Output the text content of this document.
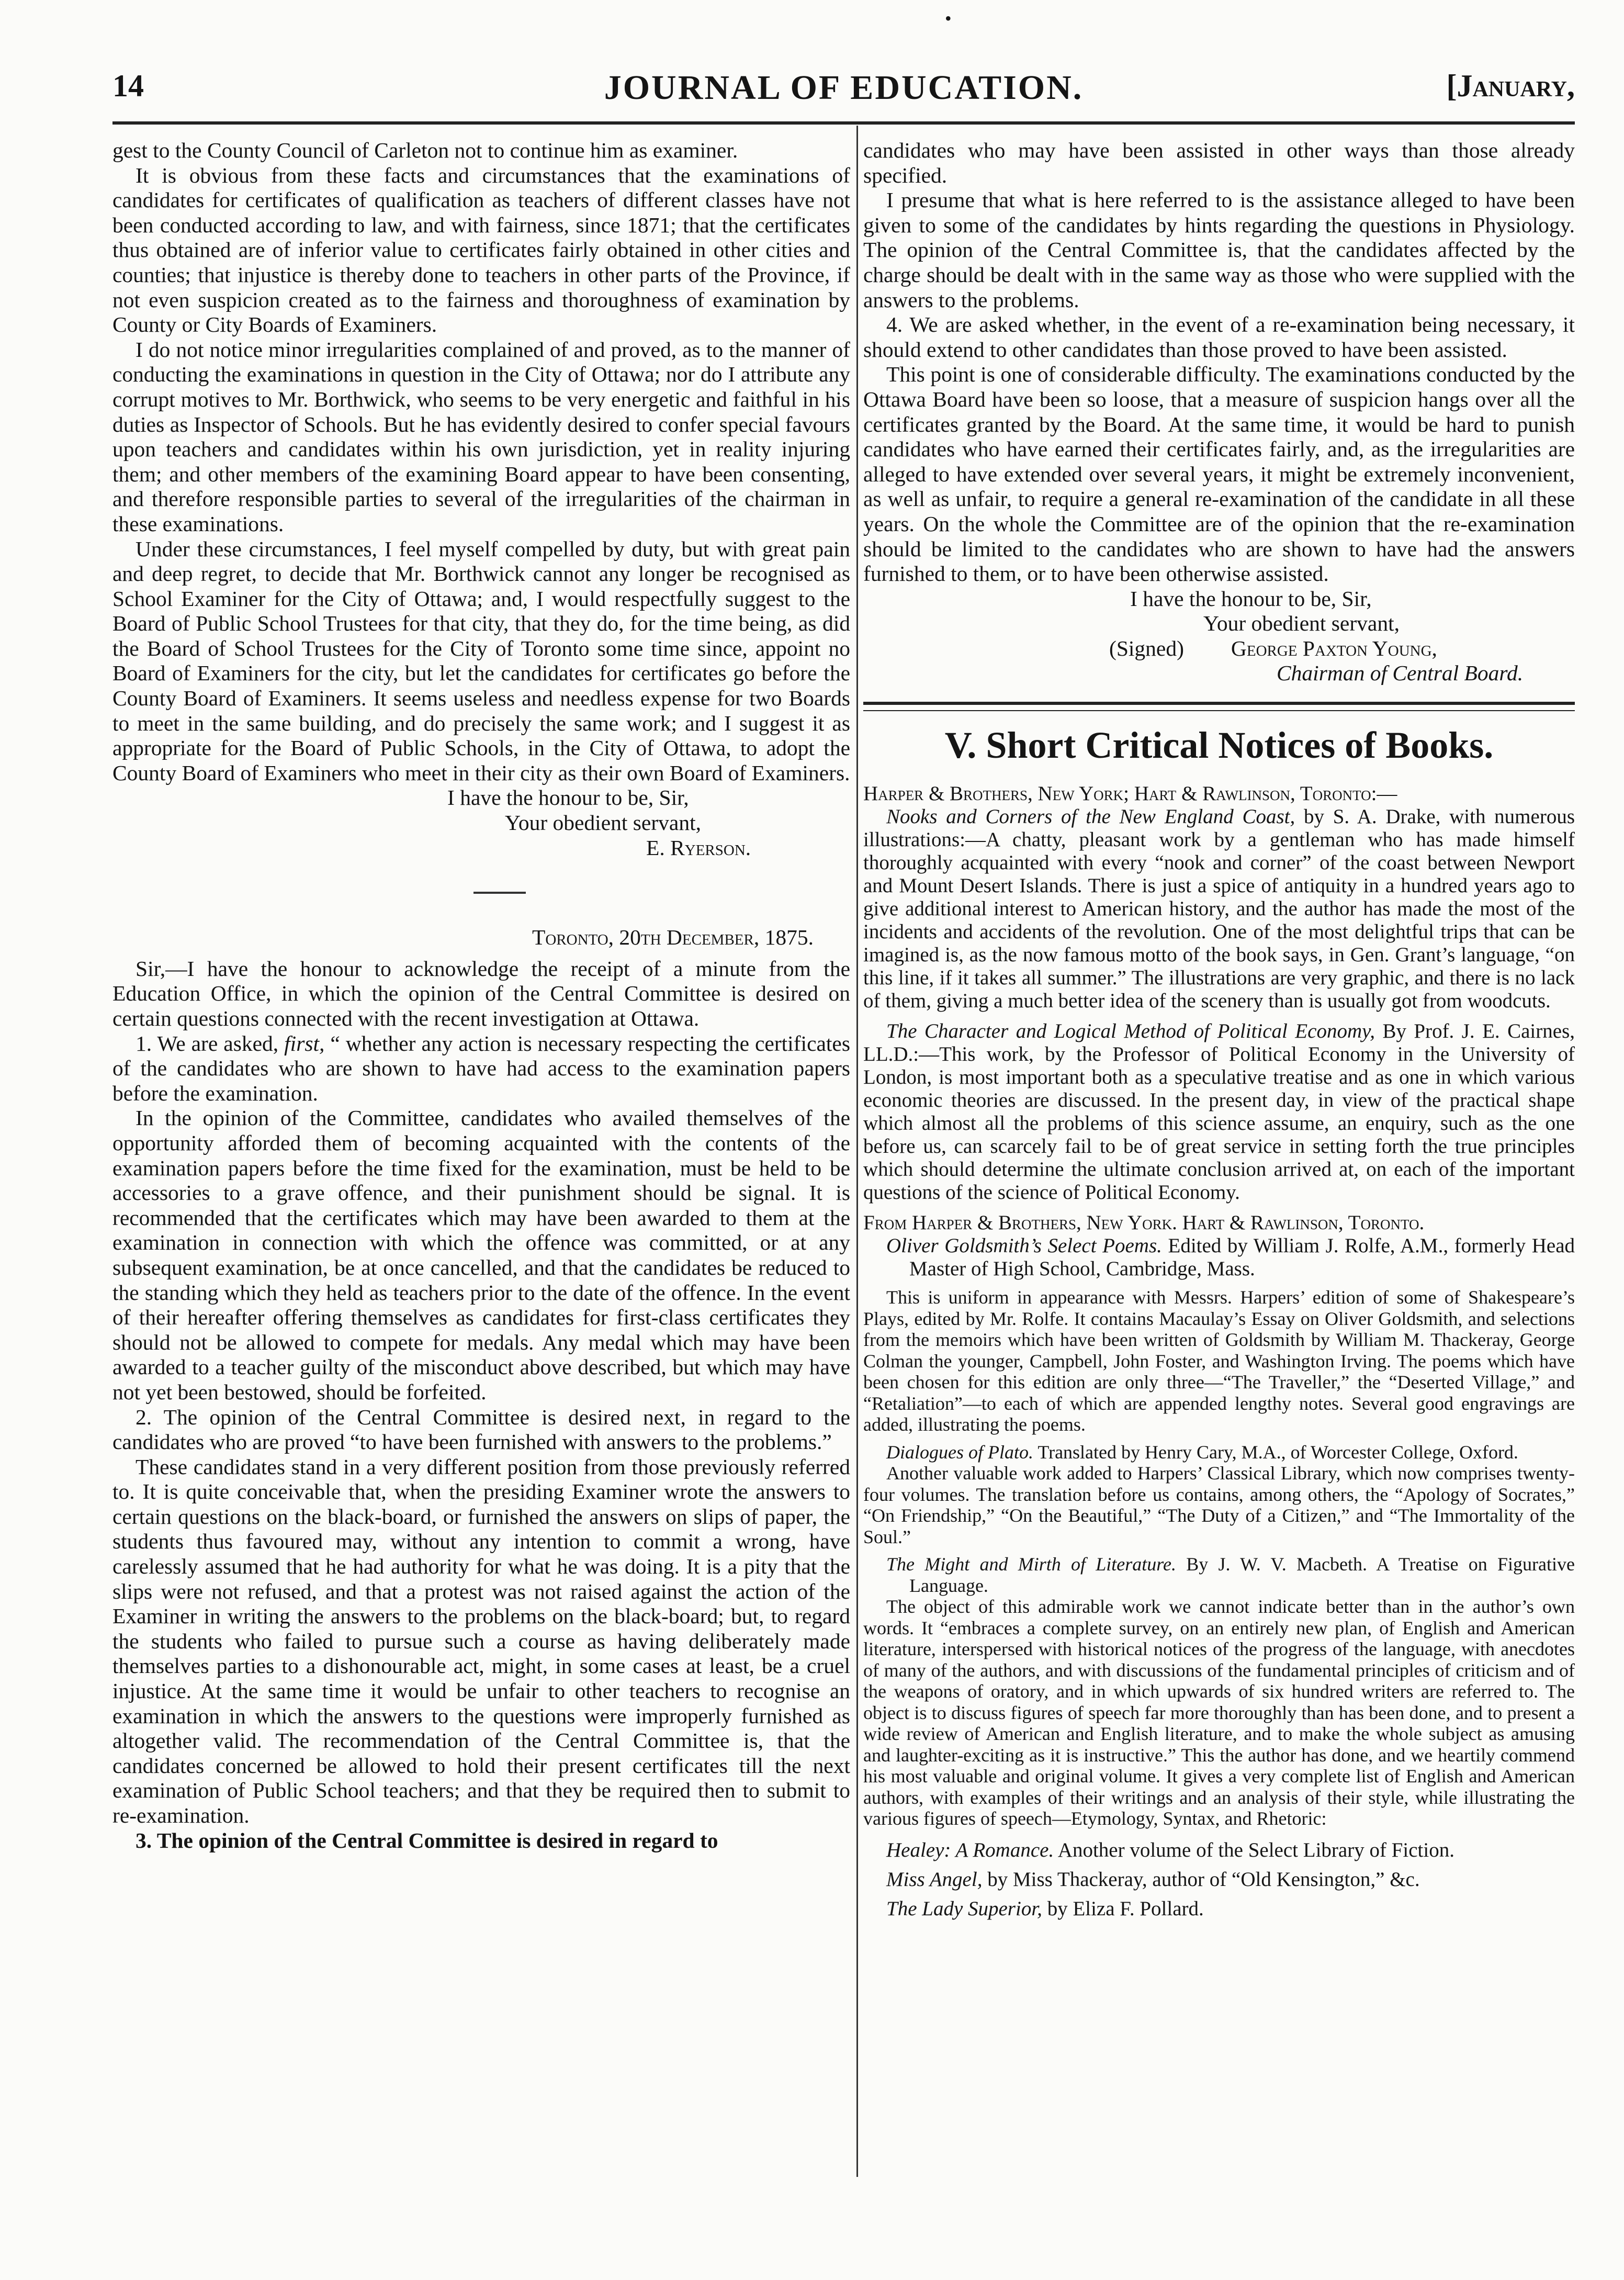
•
14	JOURNAL OF EDUCATION.	[January,

gest to the County Council of Carleton not to continue him as examiner.

It is obvious from these facts and circumstances that the examinations of candidates for certificates of qualification as teachers of different classes have not been conducted according to law, and with fairness, since 1871; that the certificates thus obtained are of inferior value to certificates fairly obtained in other cities and counties; that injustice is thereby done to teachers in other parts of the Province, if not even suspicion created as to the fairness and thoroughness of examination by County or City Boards of Examiners.

I do not notice minor irregularities complained of and proved, as to the manner of conducting the examinations in question in the City of Ottawa; nor do I attribute any corrupt motives to Mr. Borthwick, who seems to be very energetic and faithful in his duties as Inspector of Schools. But he has evidently desired to confer special favours upon teachers and candidates within his own jurisdiction, yet in reality injuring them; and other members of the examining Board appear to have been consenting, and therefore responsible parties to several of the irregularities of the chairman in these examinations.

Under these circumstances, I feel myself compelled by duty, but with great pain and deep regret, to decide that Mr. Borthwick cannot any longer be recognised as School Examiner for the City of Ottawa; and, I would respectfully suggest to the Board of Public School Trustees for that city, that they do, for the time being, as did the Board of School Trustees for the City of Toronto some time since, appoint no Board of Examiners for the city, but let the candidates for certificates go before the County Board of Examiners. It seems useless and needless expense for two Boards to meet in the same building, and do precisely the same work; and I suggest it as appropriate for the Board of Public Schools, in the City of Ottawa, to adopt the County Board of Examiners who meet in their city as their own Board of Examiners.

I have the honour to be, Sir,
Your obedient servant,
E. Ryerson.
Toronto, 20th December, 1875.

Sir,—I have the honour to acknowledge the receipt of a minute from the Education Office, in which the opinion of the Central Committee is desired on certain questions connected with the recent investigation at Ottawa.

1. We are asked, first, “ whether any action is necessary respecting the certificates of the candidates who are shown to have had access to the examination papers before the examination.

In the opinion of the Committee, candidates who availed themselves of the opportunity afforded them of becoming acquainted with the contents of the examination papers before the time fixed for the examination, must be held to be accessories to a grave offence, and their punishment should be signal. It is recommended that the certificates which may have been awarded to them at the examination in connection with which the offence was committed, or at any subsequent examination, be at once cancelled, and that the candidates be reduced to the standing which they held as teachers prior to the date of the offence. In the event of their hereafter offering themselves as candidates for first-class certificates they should not be allowed to compete for medals. Any medal which may have been awarded to a teacher guilty of the misconduct above described, but which may have not yet been bestowed, should be forfeited.

2. The opinion of the Central Committee is desired next, in regard to the candidates who are proved “to have been furnished with answers to the problems.”

These candidates stand in a very different position from those previously referred to. It is quite conceivable that, when the presiding Examiner wrote the answers to certain questions on the black-board, or furnished the answers on slips of paper, the students thus favoured may, without any intention to commit a wrong, have carelessly assumed that he had authority for what he was doing. It is a pity that the slips were not refused, and that a protest was not raised against the action of the Examiner in writing the answers to the problems on the black-board; but, to regard the students who failed to pursue such a course as having deliberately made themselves parties to a dishonourable act, might, in some cases at least, be a cruel injustice. At the same time it would be unfair to other teachers to recognise an examination in which the answers to the questions were improperly furnished as altogether valid. The recommendation of the Central Committee is, that the candidates concerned be allowed to hold their present certificates till the next examination of Public School teachers; and that they be required then to submit to re-examination.

3. The opinion of the Central Committee is desired in regard to

candidates who may have been assisted in other ways than those already specified.

I presume that what is here referred to is the assistance alleged to have been given to some of the candidates by hints regarding the questions in Physiology. The opinion of the Central Committee is, that the candidates affected by the charge should be dealt with in the same way as those who were supplied with the answers to the problems.

4. We are asked whether, in the event of a re-examination being necessary, it should extend to other candidates than those proved to have been assisted.

This point is one of considerable difficulty. The examinations conducted by the Ottawa Board have been so loose, that a measure of suspicion hangs over all the certificates granted by the Board. At the same time, it would be hard to punish candidates who have earned their certificates fairly, and, as the irregularities are alleged to have extended over several years, it might be extremely inconvenient, as well as unfair, to require a general re-examination of the candidate in all these years. On the whole the Committee are of the opinion that the re-examination should be limited to the candidates who are shown to have had the answers furnished to them, or to have been otherwise assisted.

I have the honour to be, Sir,
Your obedient servant,
(Signed) George Paxton Young,
Chairman of Central Board.
V. Short Critical Notices of Books.

Harper & Brothers, New York; Hart & Rawlinson, Toronto:—

Nooks and Corners of the New England Coast, by S. A. Drake, with numerous illustrations:—A chatty, pleasant work by a gentleman who has made himself thoroughly acquainted with every “nook and corner” of the coast between Newport and Mount Desert Islands. There is just a spice of antiquity in a hundred years ago to give additional interest to American history, and the author has made the most of the incidents and accidents of the revolution. One of the most delightful trips that can be imagined is, as the now famous motto of the book says, in Gen. Grant’s language, “on this line, if it takes all summer.” The illustrations are very graphic, and there is no lack of them, giving a much better idea of the scenery than is usually got from woodcuts.

The Character and Logical Method of Political Economy, By Prof. J. E. Cairnes, LL.D.:—This work, by the Professor of Political Economy in the University of London, is most important both as a speculative treatise and as one in which various economic theories are discussed. In the present day, in view of the practical shape which almost all the problems of this science assume, an enquiry, such as the one before us, can scarcely fail to be of great service in setting forth the true principles which should determine the ultimate conclusion arrived at, on each of the important questions of the science of Political Economy.

From Harper & Brothers, New York. Hart & Rawlinson, Toronto.

Oliver Goldsmith’s Select Poems. Edited by William J. Rolfe, A.M., formerly Head Master of High School, Cambridge, Mass.

This is uniform in appearance with Messrs. Harpers’ edition of some of Shakespeare’s Plays, edited by Mr. Rolfe. It contains Macaulay’s Essay on Oliver Goldsmith, and selections from the memoirs which have been written of Goldsmith by William M. Thackeray, George Colman the younger, Campbell, John Foster, and Washington Irving. The poems which have been chosen for this edition are only three—“The Traveller,” the “Deserted Village,” and “Retaliation”—to each of which are appended lengthy notes. Several good engravings are added, illustrating the poems.

Dialogues of Plato. Translated by Henry Cary, M.A., of Worcester College, Oxford.

Another valuable work added to Harpers’ Classical Library, which now comprises twenty-four volumes. The translation before us contains, among others, the “Apology of Socrates,” “On Friendship,” “On the Beautiful,” “The Duty of a Citizen,” and “The Immortality of the Soul.”

The Might and Mirth of Literature. By J. W. V. Macbeth. A Treatise on Figurative Language.

The object of this admirable work we cannot indicate better than in the author’s own words. It “embraces a complete survey, on an entirely new plan, of English and American literature, interspersed with historical notices of the progress of the language, with anecdotes of many of the authors, and with discussions of the fundamental principles of criticism and of the weapons of oratory, and in which upwards of six hundred writers are referred to. The object is to discuss figures of speech far more thoroughly than has been done, and to present a wide review of American and English literature, and to make the whole subject as amusing and laughter-exciting as it is instructive.” This the author has done, and we heartily commend his most valuable and original volume. It gives a very complete list of English and American authors, with examples of their writings and an analysis of their style, while illustrating the various figures of speech—Etymology, Syntax, and Rhetoric:

Healey: A Romance. Another volume of the Select Library of Fiction.

Miss Angel, by Miss Thackeray, author of “Old Kensington,” &c.

The Lady Superior, by Eliza F. Pollard.
